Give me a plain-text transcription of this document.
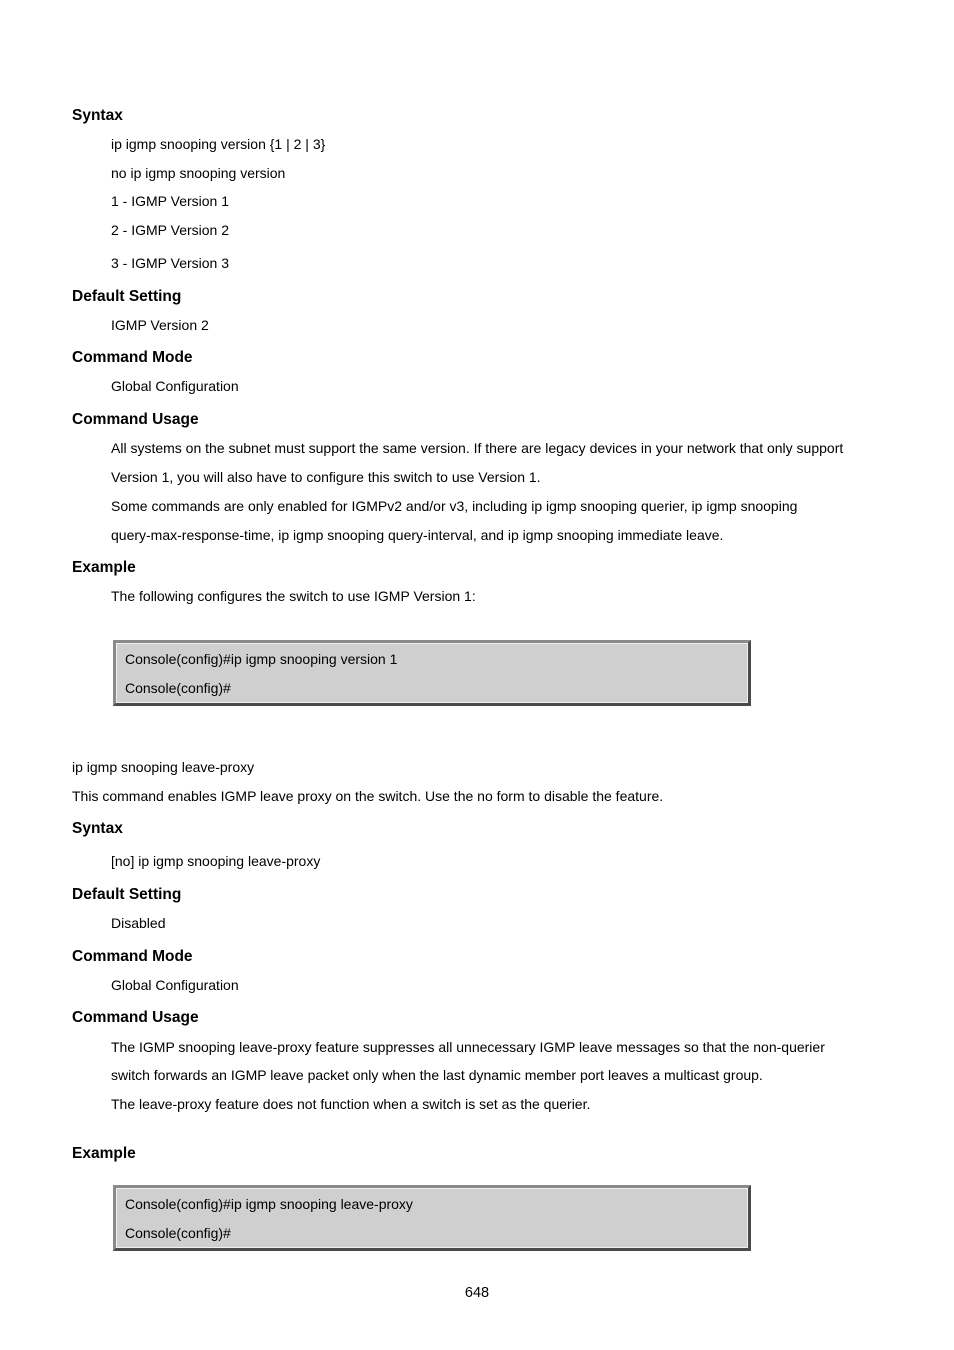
Syntax
ip igmp snooping version {1 | 2 | 3}
no ip igmp snooping version
1 - IGMP Version 1
2 - IGMP Version 2
3 - IGMP Version 3
Default Setting
IGMP Version 2
Command Mode
Global Configuration
Command Usage
All systems on the subnet must support the same version. If there are legacy devices in your network that only support
Version 1, you will also have to configure this switch to use Version 1.
Some commands are only enabled for IGMPv2 and/or v3, including ip igmp snooping querier, ip igmp snooping
query-max-response-time, ip igmp snooping query-interval, and ip igmp snooping immediate leave.
Example
The following configures the switch to use IGMP Version 1:
Console(config)#ip igmp snooping version 1
Console(config)#
ip igmp snooping leave-proxy
This command enables IGMP leave proxy on the switch. Use the no form to disable the feature.
Syntax
[no] ip igmp snooping leave-proxy
Default Setting
Disabled
Command Mode
Global Configuration
Command Usage
The IGMP snooping leave-proxy feature suppresses all unnecessary IGMP leave messages so that the non-querier
switch forwards an IGMP leave packet only when the last dynamic member port leaves a multicast group.
The leave-proxy feature does not function when a switch is set as the querier.
Example
Console(config)#ip igmp snooping leave-proxy
Console(config)#
648
